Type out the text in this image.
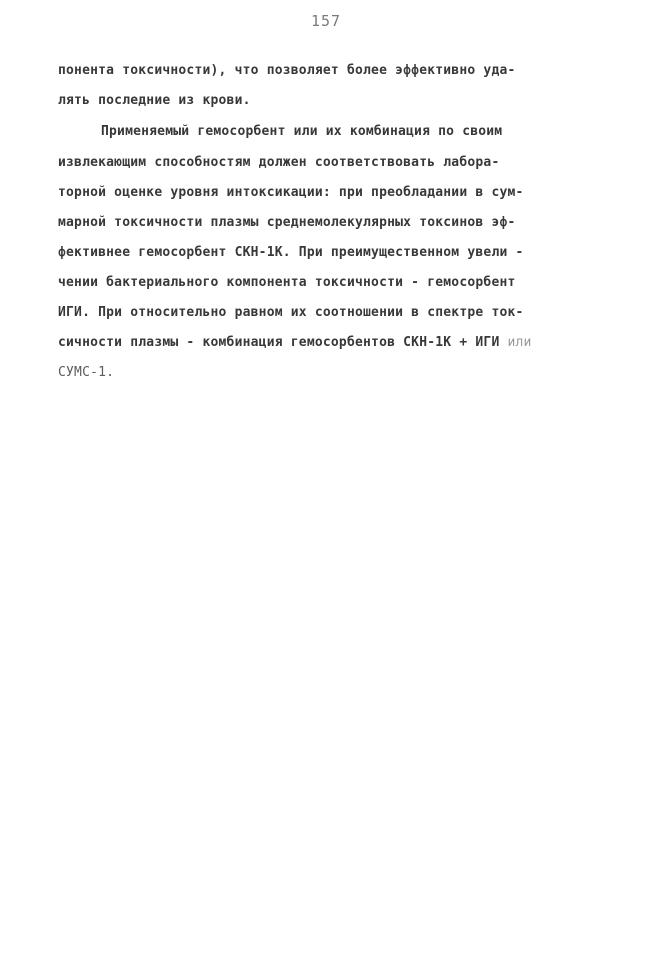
157
понента токсичности), что позволяет более эффективно уда-
лять последние из крови.
Применяемый гемосорбент или их комбинация по своим
извлекающим способностям должен соответствовать лабора-
торной оценке уровня интоксикации: при преобладании в сум-
марной токсичности плазмы среднемолекулярных токсинов эф-
фективнее гемосорбент СКН-1К. При преимущественном увели -
чении бактериального компонента токсичности - гемосорбент
ИГИ. При относительно равном их соотношении в спектре ток-
сичности плазмы - комбинация гемосорбентов СКН-1К + ИГИ или
СУМС-1.
